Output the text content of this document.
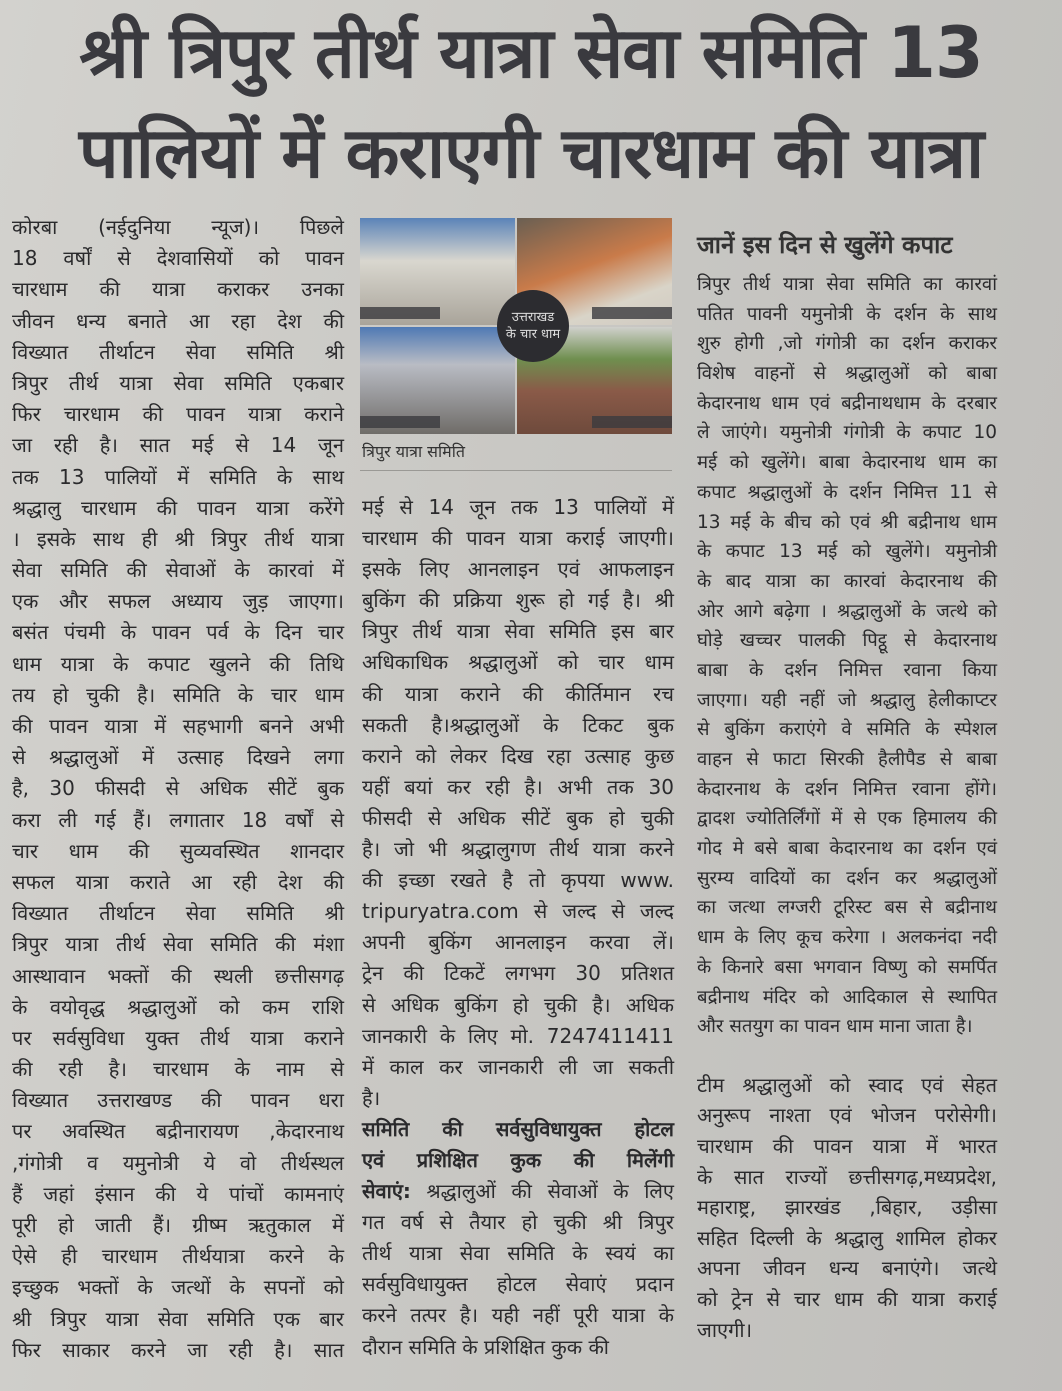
श्री त्रिपुर तीर्थ यात्रा सेवा समिति 13
पालियों में कराएगी चारधाम की यात्रा
कोरबा (नईदुनिया न्यूज)। पिछले
18 वर्षों से देशवासियों को पावन
चारधाम की यात्रा कराकर उनका
जीवन धन्य बनाते आ रहा देश की
विख्यात तीर्थाटन सेवा समिति श्री
त्रिपुर तीर्थ यात्रा सेवा समिति एकबार
फिर चारधाम की पावन यात्रा कराने
जा रही है। सात मई से 14 जून
तक 13 पालियों में समिति के साथ
श्रद्धालु चारधाम की पावन यात्रा करेंगे
। इसके साथ ही श्री त्रिपुर तीर्थ यात्रा
सेवा समिति की सेवाओं के कारवां में
एक और सफल अध्याय जुड़ जाएगा।
बसंत पंचमी के पावन पर्व के दिन चार
धाम यात्रा के कपाट खुलने की तिथि
तय हो चुकी है। समिति के चार धाम
की पावन यात्रा में सहभागी बनने अभी
से श्रद्धालुओं में उत्साह दिखने लगा
है, 30 फीसदी से अधिक सीटें बुक
करा ली गई हैं। लगातार 18 वर्षों से
चार धाम की सुव्यवस्थित शानदार
सफल यात्रा कराते आ रही देश की
विख्यात तीर्थाटन सेवा समिति श्री
त्रिपुर यात्रा तीर्थ सेवा समिति की मंशा
आस्थावान भक्तों की स्थली छत्तीसगढ़
के वयोवृद्ध श्रद्धालुओं को कम राशि
पर सर्वसुविधा युक्त तीर्थ यात्रा कराने
की रही है। चारधाम के नाम से
विख्यात उत्तराखण्ड की पावन धरा
पर अवस्थित बद्रीनारायण ,केदारनाथ
,गंगोत्री व यमुनोत्री ये वो तीर्थस्थल
हैं जहां इंसान की ये पांचों कामनाएं
पूरी हो जाती हैं। ग्रीष्म ऋतुकाल में
ऐसे ही चारधाम तीर्थयात्रा करने के
इच्छुक भक्तों के जत्थों के सपनों को
श्री त्रिपुर यात्रा सेवा समिति एक बार
फिर साकार करने जा रही है। सात
उत्तराखड
के चार धाम
त्रिपुर यात्रा समिति
मई से 14 जून तक 13 पालियों में
चारधाम की पावन यात्रा कराई जाएगी।
इसके लिए आनलाइन एवं आफलाइन
बुकिंग की प्रक्रिया शुरू हो गई है। श्री
त्रिपुर तीर्थ यात्रा सेवा समिति इस बार
अधिकाधिक श्रद्धालुओं को चार धाम
की यात्रा कराने की कीर्तिमान रच
सकती है।श्रद्धालुओं के टिकट बुक
कराने को लेकर दिख रहा उत्साह कुछ
यहीं बयां कर रही है। अभी तक 30
फीसदी से अधिक सीटें बुक हो चुकी
है। जो भी श्रद्धालुगण तीर्थ यात्रा करने
की इच्छा रखते है तो कृपया www.
tripuryatra.com से जल्द से जल्द
अपनी बुकिंग आनलाइन करवा लें।
ट्रेन की टिकटें लगभग 30 प्रतिशत
से अधिक बुकिंग हो चुकी है। अधिक
जानकारी के लिए मो. 7247411411
में काल कर जानकारी ली जा सकती
है।
समिति की सर्वसुविधायुक्त होटल
एवं प्रशिक्षित कुक की मिलेंगी
सेवाएं: श्रद्धालुओं की सेवाओं के लिए
गत वर्ष से तैयार हो चुकी श्री त्रिपुर
तीर्थ यात्रा सेवा समिति के स्वयं का
सर्वसुविधायुक्त होटल सेवाएं प्रदान
करने तत्पर है। यही नहीं पूरी यात्रा के
दौरान समिति के प्रशिक्षित कुक की
जानें इस दिन से खुलेंगे कपाट
त्रिपुर तीर्थ यात्रा सेवा समिति का कारवां
पतित पावनी यमुनोत्री के दर्शन के साथ
शुरु होगी ,जो गंगोत्री का दर्शन कराकर
विशेष वाहनों से श्रद्धालुओं को बाबा
केदारनाथ धाम एवं बद्रीनाथधाम के दरबार
ले जाएंगे। यमुनोत्री गंगोत्री के कपाट 10
मई को खुलेंगे। बाबा केदारनाथ धाम का
कपाट श्रद्धालुओं के दर्शन निमित्त 11 से
13 मई के बीच को एवं श्री बद्रीनाथ धाम
के कपाट 13 मई को खुलेंगे। यमुनोत्री
के बाद यात्रा का कारवां केदारनाथ की
ओर आगे बढ़ेगा । श्रद्धालुओं के जत्थे को
घोड़े खच्चर पालकी पिट्ठू से केदारनाथ
बाबा के दर्शन निमित्त रवाना किया
जाएगा। यही नहीं जो श्रद्धालु हेलीकाप्टर
से बुकिंग कराएंगे वे समिति के स्पेशल
वाहन से फाटा सिरकी हैलीपैड से बाबा
केदारनाथ के दर्शन निमित्त रवाना होंगे।
द्वादश ज्योतिर्लिंगों में से एक हिमालय की
गोद मे बसे बाबा केदारनाथ का दर्शन एवं
सुरम्य वादियों का दर्शन कर श्रद्धालुओं
का जत्था लग्जरी टूरिस्ट बस से बद्रीनाथ
धाम के लिए कूच करेगा । अलकनंदा नदी
के किनारे बसा भगवान विष्णु को समर्पित
बद्रीनाथ मंदिर को आदिकाल से स्थापित
और सतयुग का पावन धाम माना जाता है।
टीम श्रद्धालुओं को स्वाद एवं सेहत
अनुरूप नाश्ता एवं भोजन परोसेगी।
चारधाम की पावन यात्रा में भारत
के सात राज्यों छत्तीसगढ़,मध्यप्रदेश,
महाराष्ट्र, झारखंड ,बिहार, उड़ीसा
सहित दिल्ली के श्रद्धालु शामिल होकर
अपना जीवन धन्य बनाएंगे। जत्थे
को ट्रेन से चार धाम की यात्रा कराई
जाएगी।
